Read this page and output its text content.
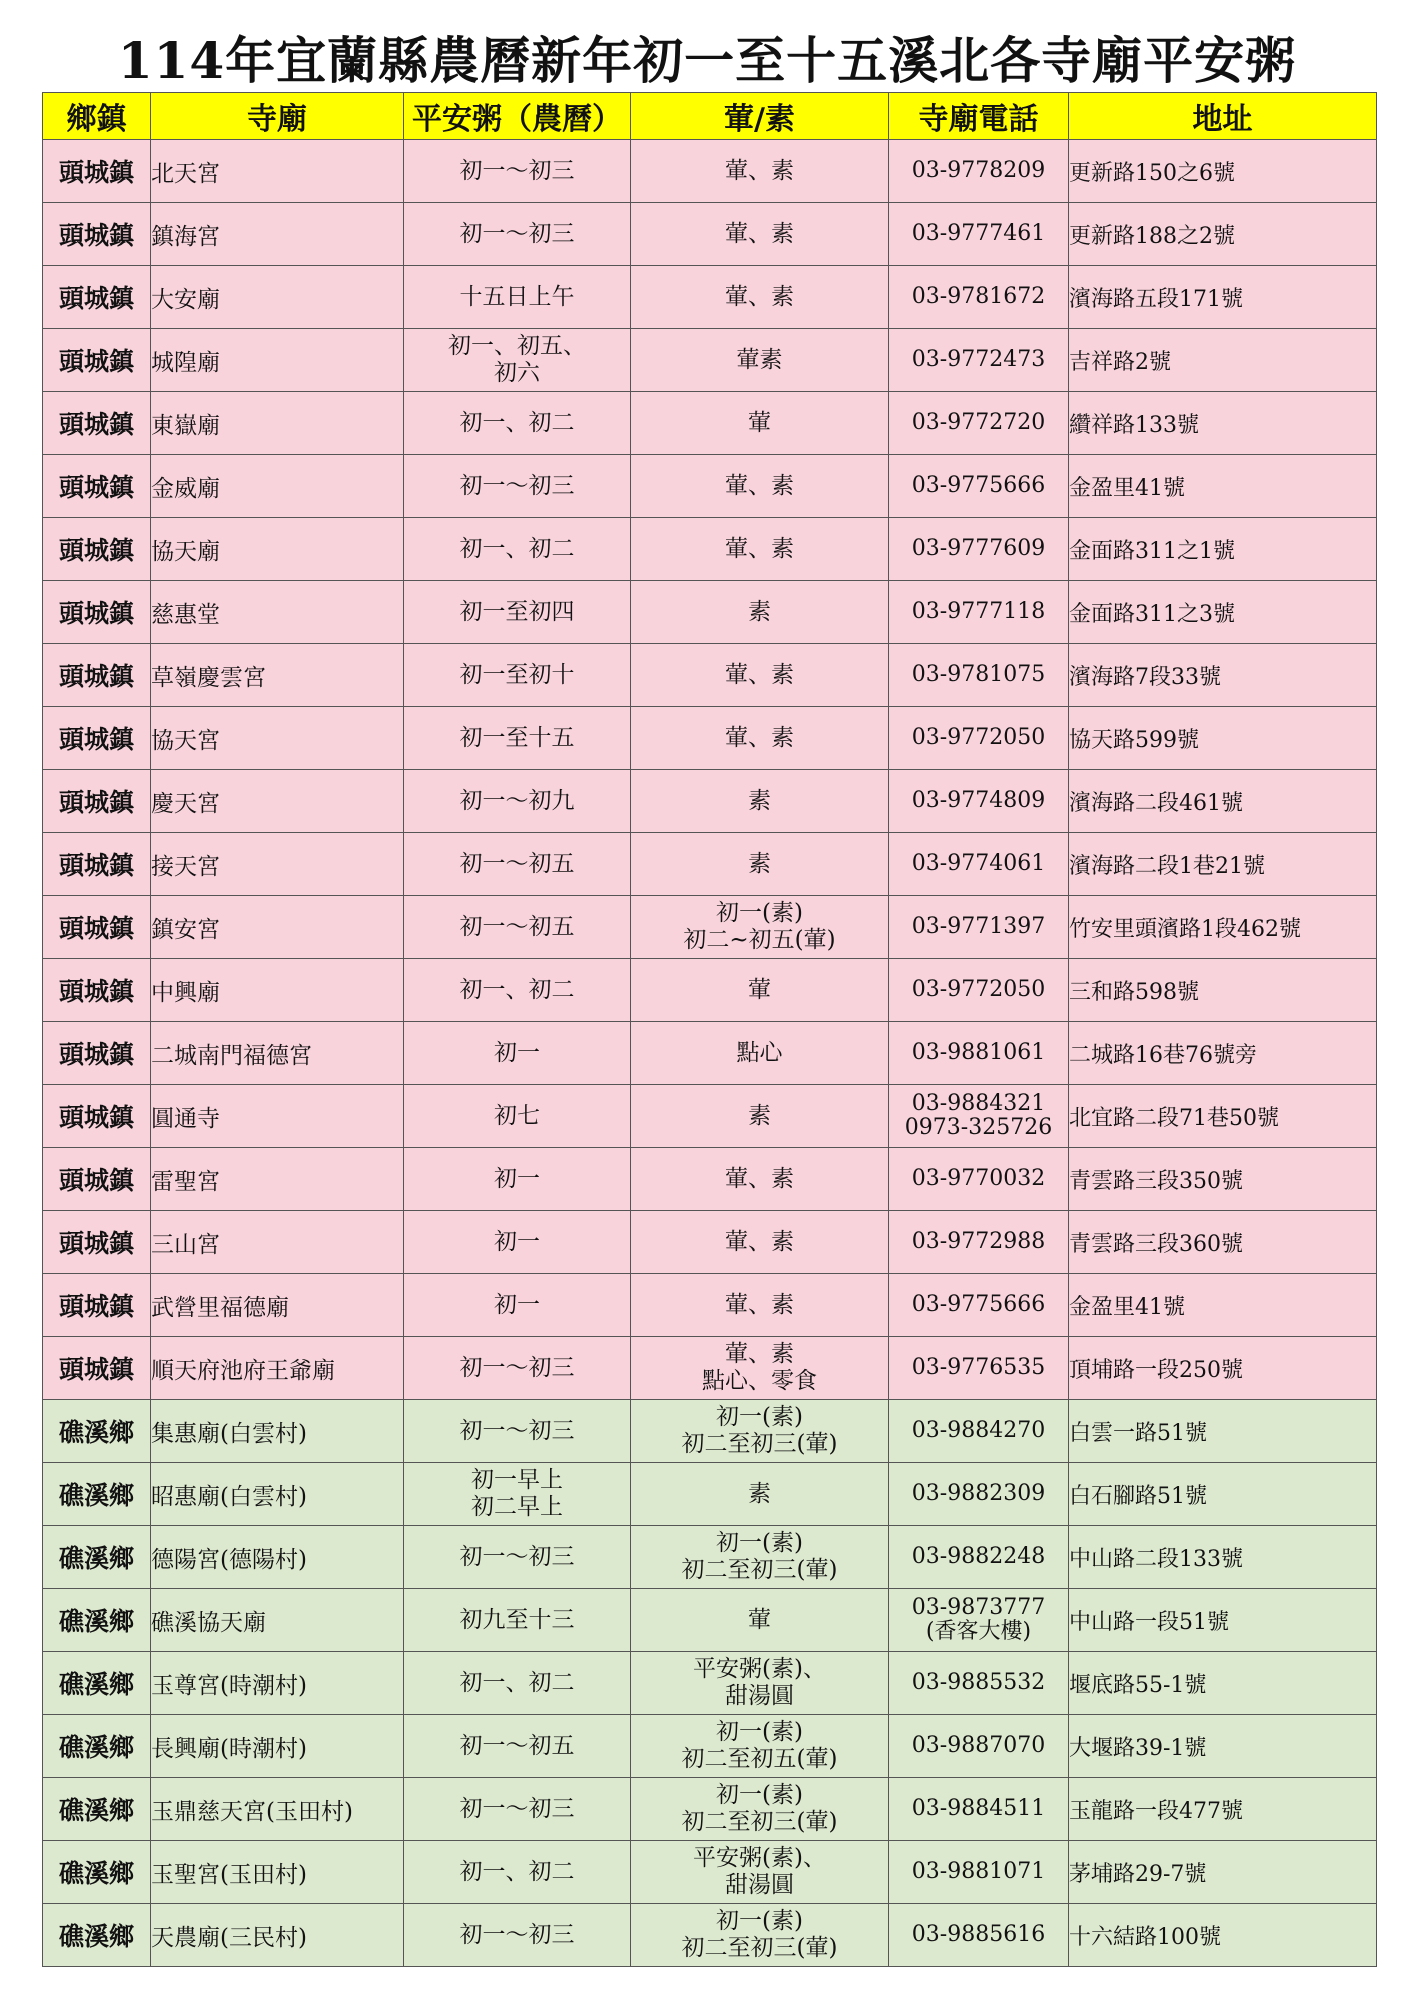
114年宜蘭縣農曆新年初一至十五溪北各寺廟平安粥
鄉鎮	寺廟	平安粥（農曆）	葷/素	寺廟電話	地址
頭城鎮	北天宮	初一～初三	葷、素	03-9778209	更新路150之6號
頭城鎮	鎮海宮	初一～初三	葷、素	03-9777461	更新路188之2號
頭城鎮	大安廟	十五日上午	葷、素	03-9781672	濱海路五段171號
頭城鎮	城隍廟	初一、初五、
初六	葷素	03-9772473	吉祥路2號
頭城鎮	東嶽廟	初一、初二	葷	03-9772720	纘祥路133號
頭城鎮	金威廟	初一～初三	葷、素	03-9775666	金盈里41號
頭城鎮	協天廟	初一、初二	葷、素	03-9777609	金面路311之1號
頭城鎮	慈惠堂	初一至初四	素	03-9777118	金面路311之3號
頭城鎮	草嶺慶雲宮	初一至初十	葷、素	03-9781075	濱海路7段33號
頭城鎮	協天宮	初一至十五	葷、素	03-9772050	協天路599號
頭城鎮	慶天宮	初一～初九	素	03-9774809	濱海路二段461號
頭城鎮	接天宮	初一～初五	素	03-9774061	濱海路二段1巷21號
頭城鎮	鎮安宮	初一～初五	初一(素)
初二~初五(葷)	03-9771397	竹安里頭濱路1段462號
頭城鎮	中興廟	初一、初二	葷	03-9772050	三和路598號
頭城鎮	二城南門福德宮	初一	點心	03-9881061	二城路16巷76號旁
頭城鎮	圓通寺	初七	素	03-9884321
0973-325726	北宜路二段71巷50號
頭城鎮	雷聖宮	初一	葷、素	03-9770032	青雲路三段350號
頭城鎮	三山宮	初一	葷、素	03-9772988	青雲路三段360號
頭城鎮	武營里福德廟	初一	葷、素	03-9775666	金盈里41號
頭城鎮	順天府池府王爺廟	初一～初三	葷、素
點心、零食	03-9776535	頂埔路一段250號
礁溪鄉	集惠廟(白雲村)	初一～初三	初一(素)
初二至初三(葷)	03-9884270	白雲一路51號
礁溪鄉	昭惠廟(白雲村)	初一早上
初二早上	素	03-9882309	白石腳路51號
礁溪鄉	德陽宮(德陽村)	初一～初三	初一(素)
初二至初三(葷)	03-9882248	中山路二段133號
礁溪鄉	礁溪協天廟	初九至十三	葷	03-9873777
(香客大樓)	中山路一段51號
礁溪鄉	玉尊宮(時潮村)	初一、初二	平安粥(素)、
甜湯圓	03-9885532	堰底路55-1號
礁溪鄉	長興廟(時潮村)	初一～初五	初一(素)
初二至初五(葷)	03-9887070	大堰路39-1號
礁溪鄉	玉鼎慈天宮(玉田村)	初一～初三	初一(素)
初二至初三(葷)	03-9884511	玉龍路一段477號
礁溪鄉	玉聖宮(玉田村)	初一、初二	平安粥(素)、
甜湯圓	03-9881071	茅埔路29-7號
礁溪鄉	天農廟(三民村)	初一～初三	初一(素)
初二至初三(葷)	03-9885616	十六結路100號
